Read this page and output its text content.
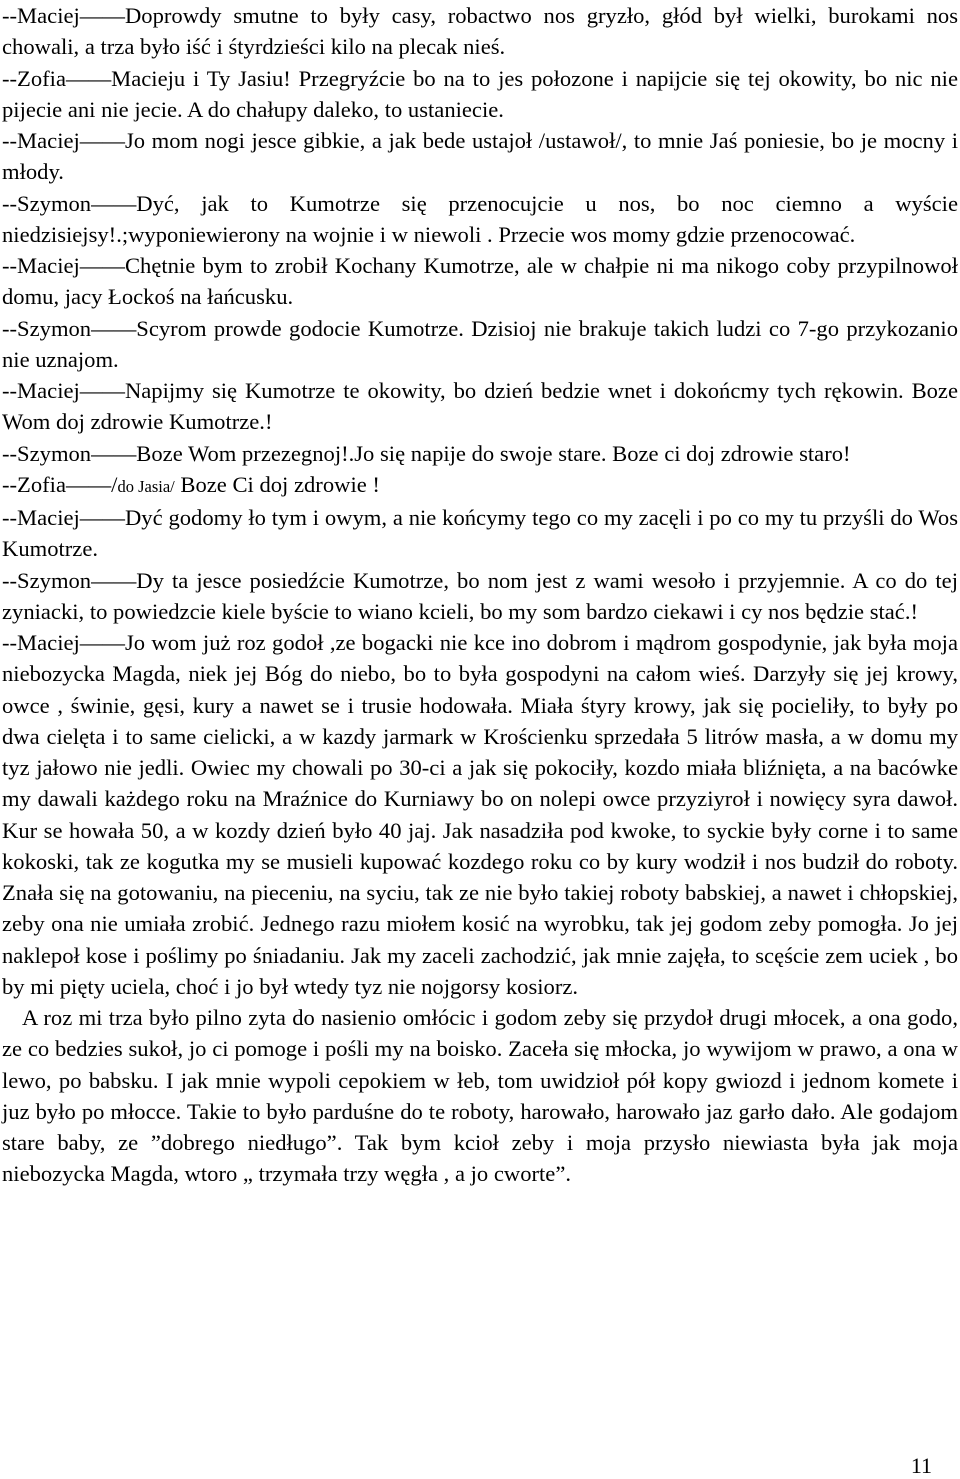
--Maciej——Doprowdy smutne to były casy, robactwo nos gryzło, głód był wielki, burokami nos chowali, a trza było iść i śtyrdzieści kilo na plecak nieś.

--Zofia——Macieju i Ty Jasiu! Przegryźcie bo na to jes połozone i napijcie się tej okowity, bo nic nie pijecie ani nie jecie. A do chałupy daleko, to ustaniecie.

--Maciej——Jo mom nogi jesce gibkie, a jak bede ustajoł /ustawoł/, to mnie Jaś poniesie, bo je mocny i młody.

--Szymon——Dyć, jak to Kumotrze się przenocujcie u nos, bo noc ciemno a wyście niedzisiejsy!.;wyponiewierony na wojnie i w niewoli . Przecie wos momy gdzie przenocować.

--Maciej——Chętnie bym to zrobił Kochany Kumotrze, ale w chałpie ni ma nikogo coby przypilnowoł domu, jacy Łockoś na łańcusku.

--Szymon——Scyrom prowde godocie Kumotrze. Dzisioj nie brakuje takich ludzi co 7-go przykozanio nie uznajom.

--Maciej——Napijmy się Kumotrze te okowity, bo dzień bedzie wnet i dokońcmy tych rękowin. Boze Wom doj zdrowie Kumotrze.!

--Szymon——Boze Wom przezegnoj!.Jo się napije do swoje stare. Boze ci doj zdrowie staro!

--Zofia——/do Jasia/ Boze Ci doj zdrowie !

--Maciej——Dyć godomy ło tym i owym, a nie końcymy tego co my zacęli i po co my tu przyśli do Wos Kumotrze.

--Szymon——Dy ta jesce posiedźcie Kumotrze, bo nom jest z wami wesoło i przyjemnie. A co do tej zyniacki, to powiedzcie kiele byście to wiano kcieli, bo my som bardzo ciekawi i cy nos będzie stać.!

--Maciej——Jo wom już roz godoł ,ze bogacki nie kce ino dobrom i mądrom gospodynie, jak była moja niebozycka Magda, niek jej Bóg do niebo, bo to była gospodyni na całom wieś. Darzyły się jej krowy, owce , świnie, gęsi, kury a nawet se i trusie hodowała. Miała śtyry krowy, jak się pocieliły, to były po dwa cielęta i to same cielicki, a w kazdy jarmark w Krościenku sprzedała 5 litrów masła, a w domu my tyz jałowo nie jedli. Owiec my chowali po 30-ci a jak się pokociły, kozdo miała bliźnięta, a na bacówke my dawali każdego roku na Mraźnice do Kurniawy bo on nolepi owce przyziyroł i nowięcy syra dawoł. Kur se howała 50, a w kozdy dzień było 40 jaj. Jak nasadziła pod kwoke, to syckie były corne i to same kokoski, tak ze kogutka my se musieli kupować kozdego roku co by kury wodził i nos budził do roboty. Znała się na gotowaniu, na pieceniu, na syciu, tak ze nie było takiej roboty babskiej, a nawet i chłopskiej, zeby ona nie umiała zrobić. Jednego razu miołem kosić na wyrobku, tak jej godom zeby pomogła. Jo jej naklepoł kose i poślimy po śniadaniu. Jak my zaceli zachodzić, jak mnie zajęła, to scęście zem uciek , bo by mi pięty uciela, choć i jo był wtedy tyz nie nojgorsy kosiorz.

A roz mi trza było pilno zyta do nasienio omłócic i godom zeby się przydoł drugi młocek, a ona godo, ze co bedzies sukoł, jo ci pomoge i pośli my na boisko. Zaceła się młocka, jo wywijom w prawo, a ona w lewo, po babsku. I jak mnie wypoli cepokiem w łeb, tom uwidzioł pół kopy gwiozd i jednom komete i juz było po młocce. Takie to było parduśne do te roboty, harowało, harowało jaz garło dało. Ale godajom stare baby, ze ”dobrego niedługo”. Tak bym kcioł zeby i moja przysło niewiasta była jak moja niebozycka Magda, wtoro „ trzymała trzy węgła , a jo cworte”.

11
